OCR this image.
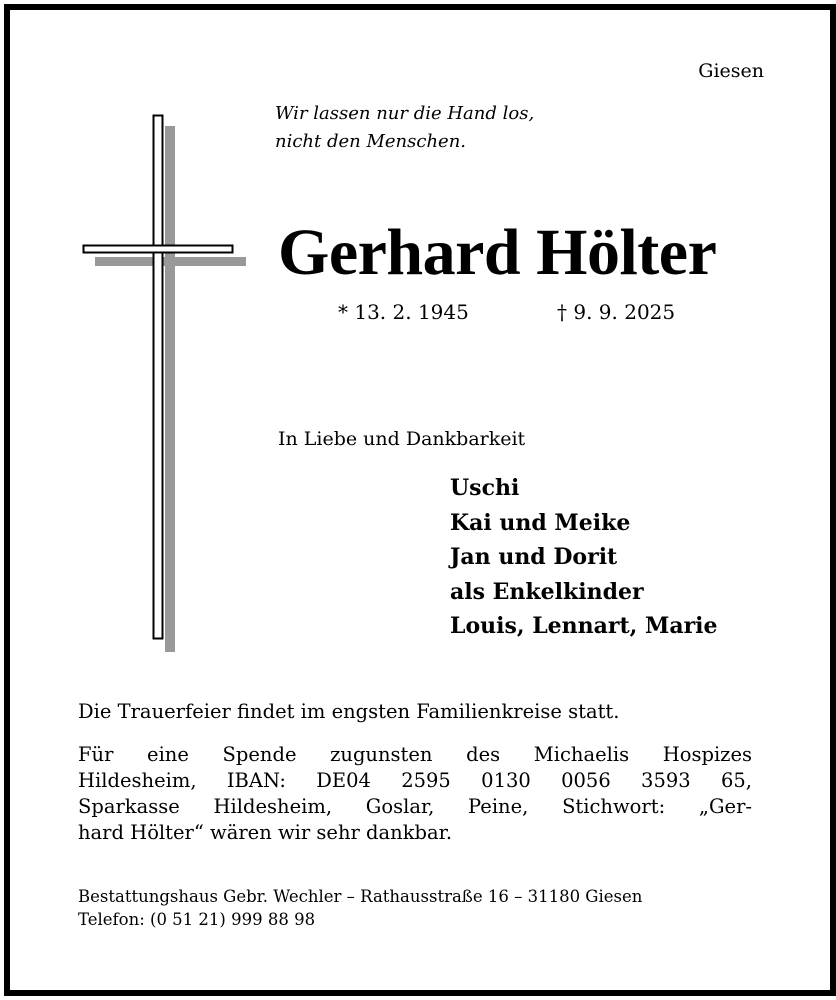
Giesen

Wir lassen nur die Hand los,
nicht den Menschen.
Gerhard Hölter

* 13. 2. 1945	† 9. 9. 2025

In Liebe und Dankbarkeit

Uschi
Kai und Meike
Jan und Dorit
als Enkelkinder
Louis, Lennart, Marie

Die Trauerfeier findet im engsten Familienkreise statt.

Für eine Spende zugunsten des Michaelis Hospizes
Hildesheim, IBAN: DE04 2595 0130 0056 3593 65,
Sparkasse Hildesheim, Goslar, Peine, Stichwort: „Ger-
hard Hölter“ wären wir sehr dankbar.
Bestattungshaus Gebr. Wechler – Rathausstraße 16 – 31180 Giesen
Telefon: (0 51 21) 999 88 98
